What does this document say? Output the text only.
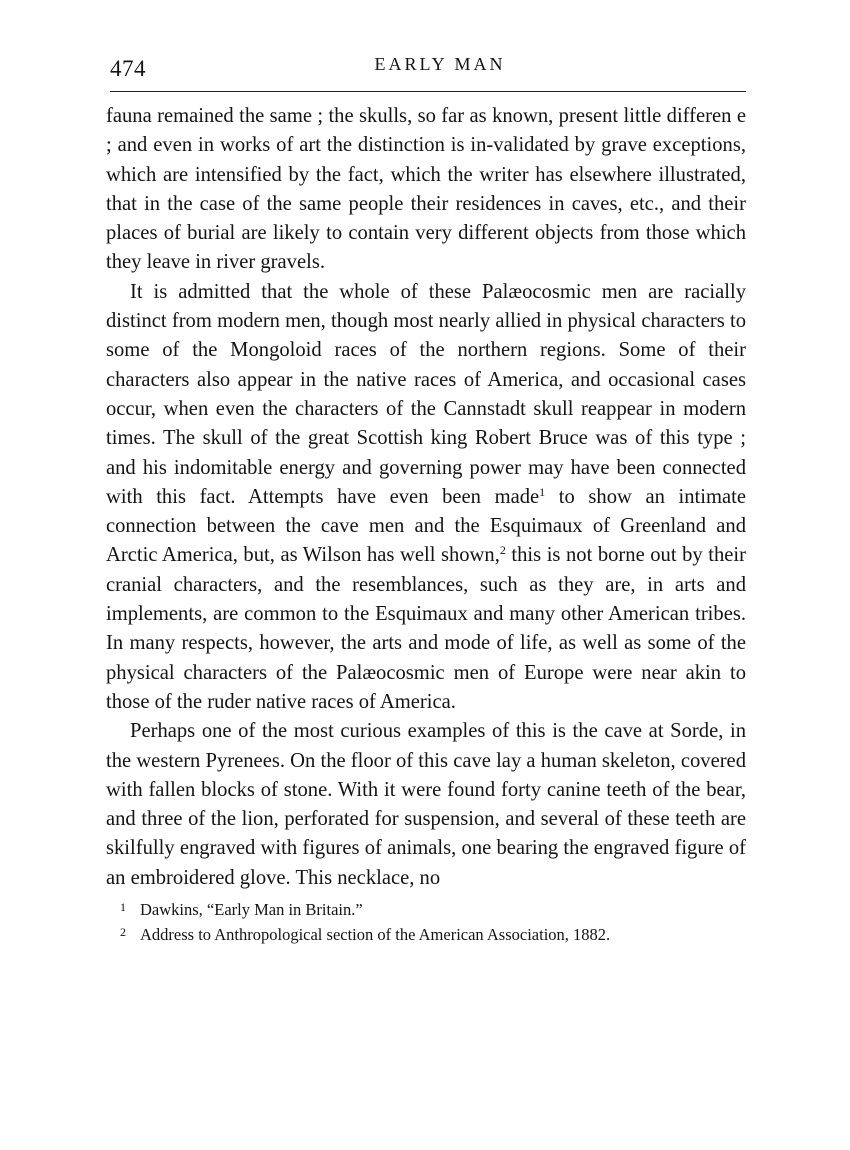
474	EARLY MAN

fauna remained the same ; the skulls, so far as known, present little differen e ; and even in works of art the distinction is in-validated by grave exceptions, which are intensified by the fact, which the writer has elsewhere illustrated, that in the case of the same people their residences in caves, etc., and their places of burial are likely to contain very different objects from those which they leave in river gravels.

It is admitted that the whole of these Palæocosmic men are racially distinct from modern men, though most nearly allied in physical characters to some of the Mongoloid races of the northern regions. Some of their characters also appear in the native races of America, and occasional cases occur, when even the characters of the Cannstadt skull reappear in modern times. The skull of the great Scottish king Robert Bruce was of this type ; and his indomitable energy and governing power may have been connected with this fact. Attempts have even been made$^1$ to show an intimate connection between the cave men and the Esquimaux of Greenland and Arctic America, but, as Wilson has well shown,$^2$ this is not borne out by their cranial characters, and the resemblances, such as they are, in arts and implements, are common to the Esquimaux and many other American tribes. In many respects, however, the arts and mode of life, as well as some of the physical characters of the Palæocosmic men of Europe were near akin to those of the ruder native races of America.

Perhaps one of the most curious examples of this is the cave at Sorde, in the western Pyrenees. On the floor of this cave lay a human skeleton, covered with fallen blocks of stone. With it were found forty canine teeth of the bear, and three of the lion, perforated for suspension, and several of these teeth are skilfully engraved with figures of animals, one bearing the engraved figure of an embroidered glove. This necklace, no

1 Dawkins, “Early Man in Britain.”
2 Address to Anthropological section of the American Association, 1882.
